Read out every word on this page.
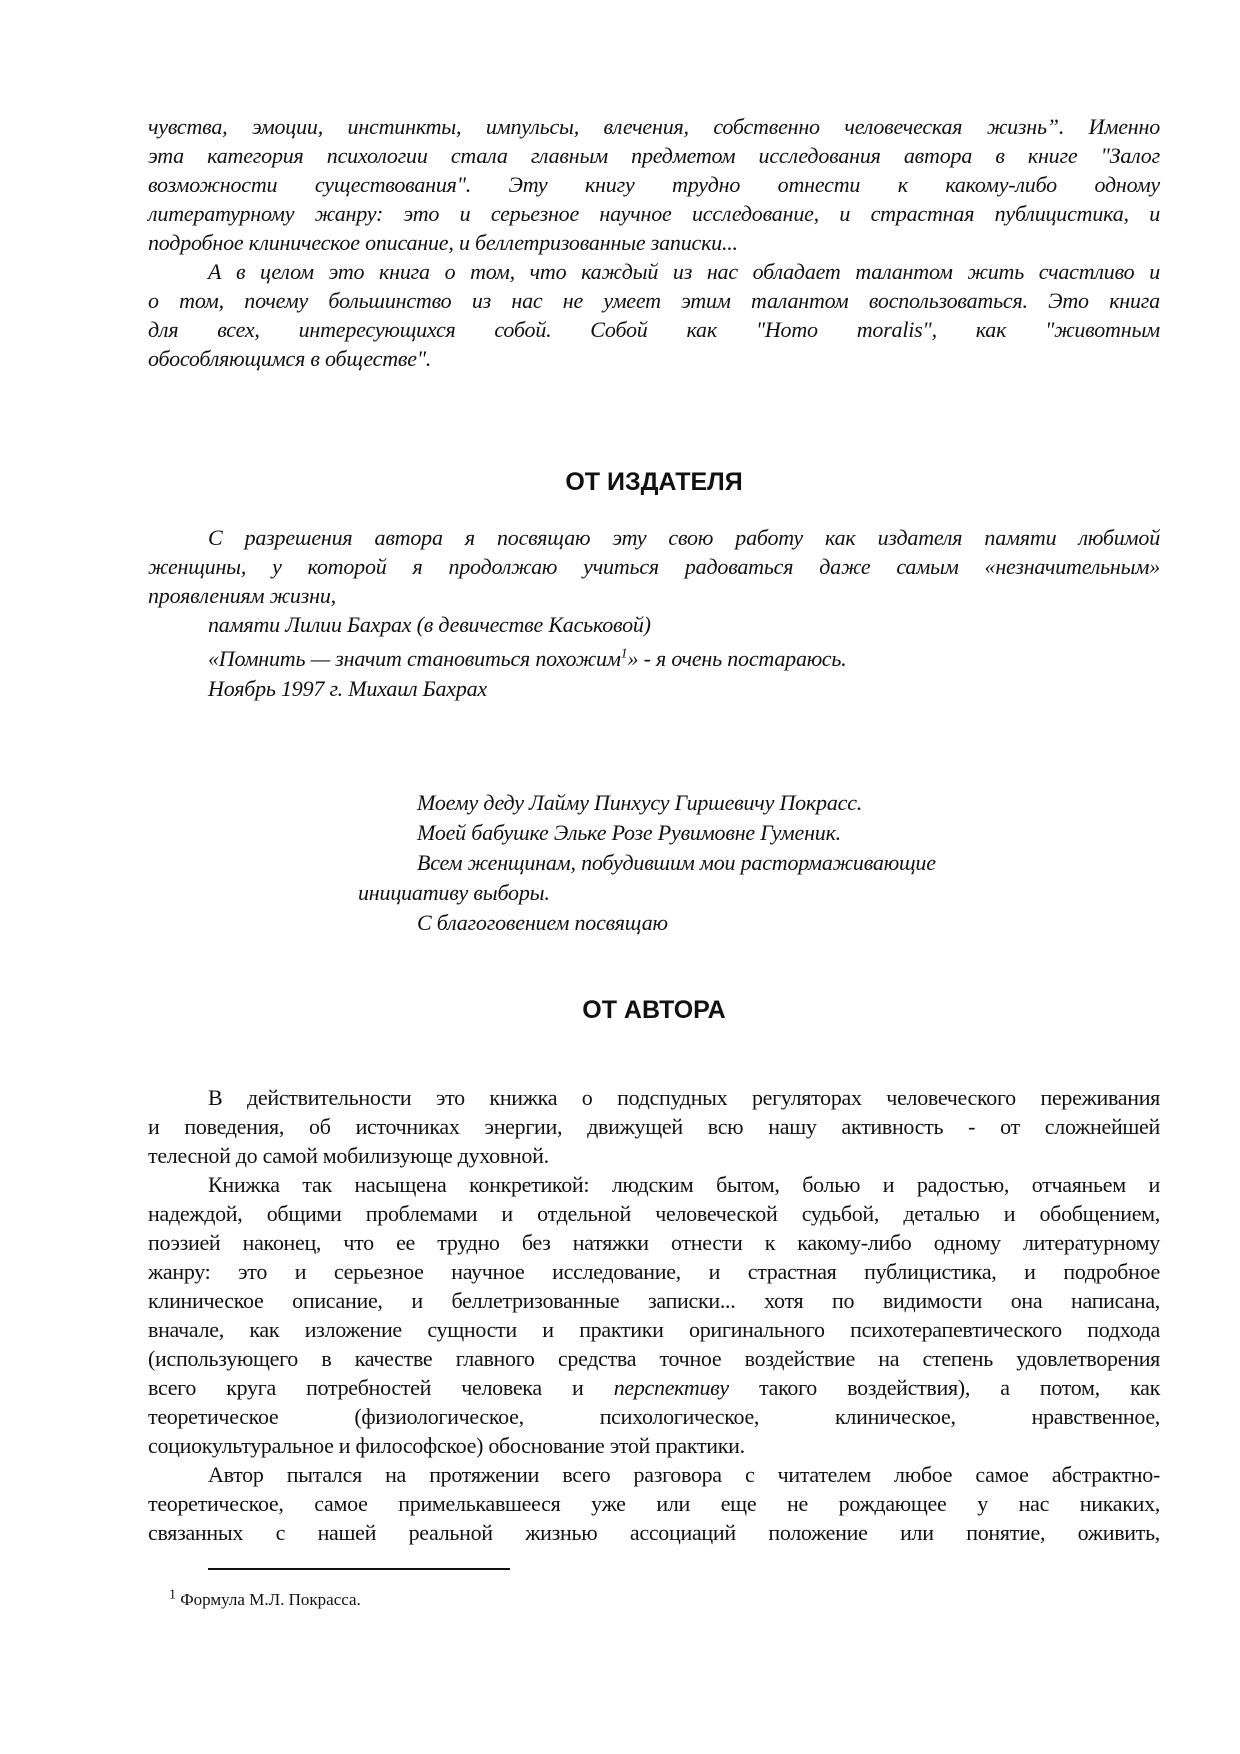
чувства, эмоции, инстинкты, импульсы, влечения, собственно человеческая жизнь”. Именно
эта категория психологии стала главным предметом исследования автора в книге "Залог
возможности существования". Эту книгу трудно отнести к какому-либо одному
литературному жанру: это и серьезное научное исследование, и страстная публицистика, и
подробное клиническое описание, и беллетризованные записки...
А в целом это книга о том, что каждый из нас обладает талантом жить счастливо и
о том, почему большинство из нас не умеет этим талантом воспользоваться. Это книга
для всех, интересующихся собой. Собой как "Homo moralis", как "животным
обособляющимся в обществе".
ОТ ИЗДАТЕЛЯ
С разрешения автора я посвящаю эту свою работу как издателя памяти любимой
женщины, у которой я продолжаю учиться радоваться даже самым «незначительным»
проявлениям жизни,
памяти Лилии Бахрах (в девичестве Каськовой)
«Помнить — значит становиться похожим$^1$» - я очень постараюсь.
Ноябрь 1997 г. Михаил Бахрах
Моему деду Лайму Пинхусу Гиршевичу Покрасс.
Моей бабушке Эльке Розе Рувимовне Гуменик.
Всем женщинам, побудившим мои растормаживающие
инициативу выборы.
С благоговением посвящаю
ОТ АВТОРА
В действительности это книжка о подспудных регуляторах человеческого переживания
и поведения, об источниках энергии, движущей всю нашу активность - от сложнейшей
телесной до самой мобилизующе духовной.
Книжка так насыщена конкретикой: людским бытом, болью и радостью, отчаяньем и
надеждой, общими проблемами и отдельной человеческой судьбой, деталью и обобщением,
поэзией наконец, что ее трудно без натяжки отнести к какому-либо одному литературному
жанру: это и серьезное научное исследование, и страстная публицистика, и подробное
клиническое описание, и беллетризованные записки... хотя по видимости она написана,
вначале, как изложение сущности и практики оригинального психотерапевтического подхода
(использующего в качестве главного средства точное воздействие на степень удовлетворения
всего круга потребностей человека и перспективу такого воздействия), а потом, как
теоретическое (физиологическое, психологическое, клиническое, нравственное,
социокультуральное и философское) обоснование этой практики.
Автор пытался на протяжении всего разговора с читателем любое самое абстрактно-
теоретическое, самое примелькавшееся уже или еще не рождающее у нас никаких,
связанных с нашей реальной жизнью ассоциаций положение или понятие, оживить,
$^1$ Формула М.Л. Покрасса.
